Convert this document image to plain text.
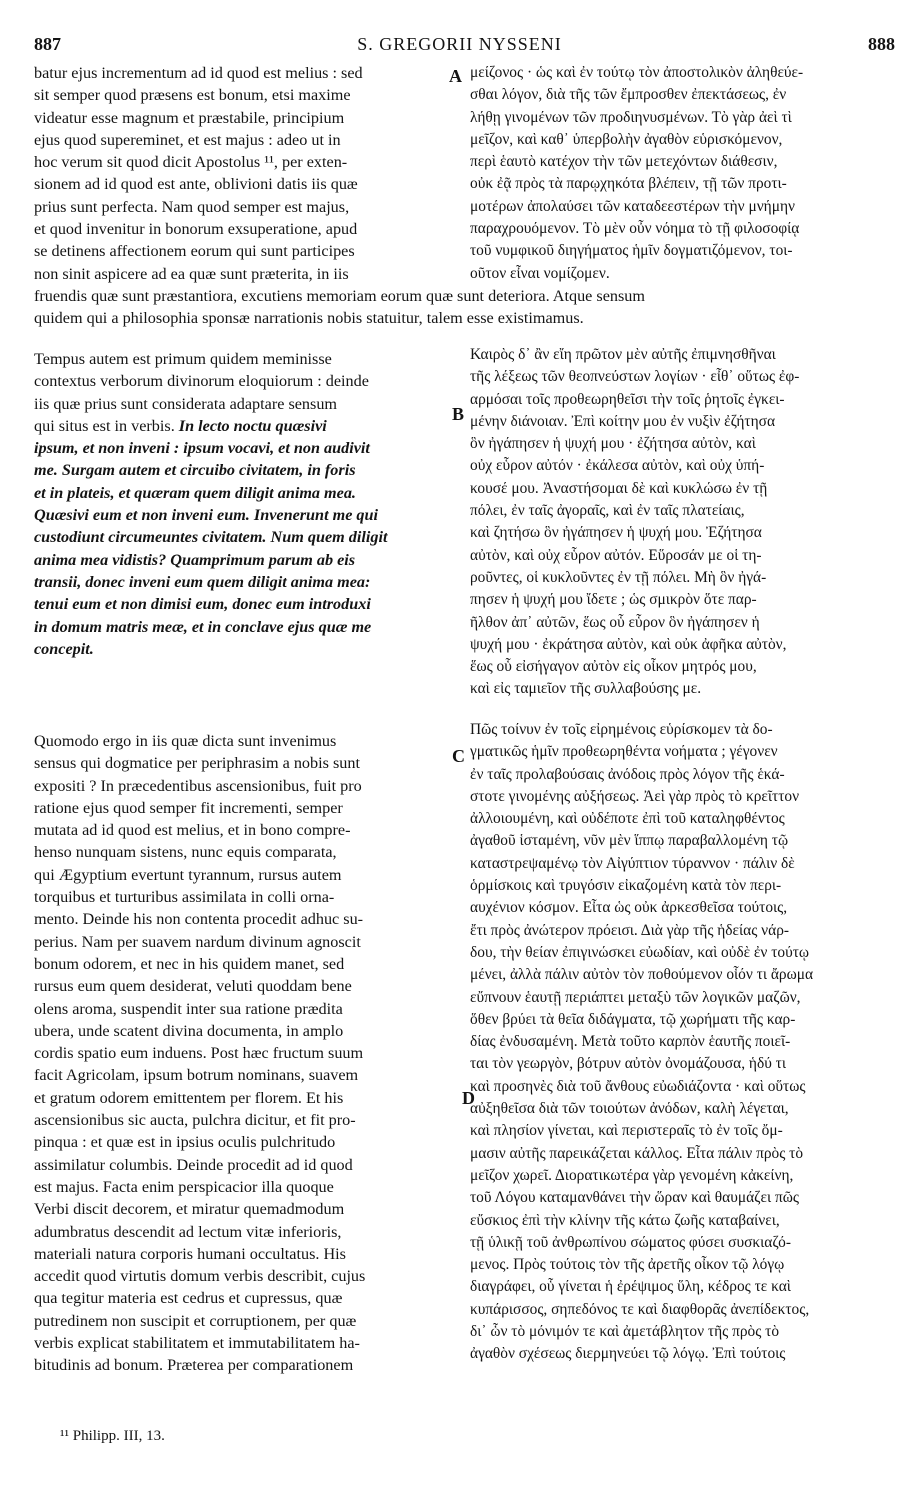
887	S. GREGORII NYSSENI	888
batur ejus incrementum ad id quod est melius : sed
sit semper quod præsens est bonum, etsi maxime
videatur esse magnum et præstabile, principium
ejus quod supereminet, et est majus : adeo ut in
hoc verum sit quod dicit Apostolus ¹¹, per exten-
sionem ad id quod est ante, oblivioni datis iis quæ
prius sunt perfecta. Nam quod semper est majus,
et quod invenitur in bonorum exsuperatione, apud
se detinens affectionem eorum qui sunt participes
non sinit aspicere ad ea quæ sunt præterita, in iis
μείζονος · ὡς καὶ ἐν τούτῳ τὸν ἀποστολικὸν ἀληθεύε-
σθαι λόγον, διὰ τῆς τῶν ἔμπροσθεν ἐπεκτάσεως, ἐν
λήθῃ γινομένων τῶν προδιηνυσμένων. Τὸ γὰρ ἀεὶ τὶ
μεῖζον, καὶ καθ᾽ ὑπερβολὴν ἀγαθὸν εὑρισκόμενον,
περὶ ἑαυτὸ κατέχον τὴν τῶν μετεχόντων διάθεσιν,
οὐκ ἐᾷ πρὸς τὰ παρῳχηκότα βλέπειν, τῇ τῶν προτι-
μοτέρων ἀπολαύσει τῶν καταδεεστέρων τὴν μνήμην
παραχρουόμενον. Τὸ μὲν οὖν νόημα τὸ τῇ φιλοσοφίᾳ
τοῦ νυμφικοῦ διηγήματος ἡμῖν δογματιζόμενον, τοι-
οῦτον εἶναι νομίζομεν.
A
fruendis quæ sunt præstantiora, excutiens memoriam eorum quæ sunt deteriora. Atque sensum
quidem qui a philosophia sponsæ narrationis nobis statuitur, talem esse existimamus.
Tempus autem est primum quidem meminisse
contextus verborum divinorum eloquiorum : deinde
iis quæ prius sunt considerata adaptare sensum
qui situs est in verbis. In lecto noctu quæsivi
ipsum, et non inveni : ipsum vocavi, et non audivit
me. Surgam autem et circuibo civitatem, in foris
et in plateis, et quæram quem diligit anima mea.
Quæsivi eum et non inveni eum. Invenerunt me qui
custodiunt circumeuntes civitatem. Num quem diligit
anima mea vidistis? Quamprimum parum ab eis
transii, donec inveni eum quem diligit anima mea:
tenui eum et non dimisi eum, donec eum introduxi
in domum matris meæ, et in conclave ejus quæ me
concepit.
Καιρὸς δ᾽ ἂν εἴη πρῶτον μὲν αὐτῆς ἐπιμνησθῆναι
τῆς λέξεως τῶν θεοπνεύστων λογίων · εἶθ᾽ οὕτως ἐφ-
αρμόσαι τοῖς προθεωρηθεῖσι τὴν τοῖς ῥητοῖς ἐγκει-
μένην διάνοιαν. Ἐπὶ κοίτην μου ἐν νυξὶν ἐζήτησα
ὃν ἠγάπησεν ἡ ψυχή μου · ἐζήτησα αὐτὸν, καὶ
οὐχ εὗρον αὐτόν · ἐκάλεσα αὐτὸν, καὶ οὐχ ὑπή-
κουσέ μου. Ἀναστήσομαι δὲ καὶ κυκλώσω ἐν τῇ
πόλει, ἐν ταῖς ἀγοραῖς, καὶ ἐν ταῖς πλατείαις,
καὶ ζητήσω ὃν ἠγάπησεν ἡ ψυχή μου. Ἐζήτησα
αὐτὸν, καὶ οὐχ εὗρον αὐτόν. Εὕροσάν με οἱ τη-
ροῦντες, οἱ κυκλοῦντες ἐν τῇ πόλει. Μὴ ὃν ἠγά-
πησεν ἡ ψυχή μου ἴδετε ; ὡς σμικρὸν ὅτε παρ-
ῆλθον ἀπ᾽ αὐτῶν, ἕως οὗ εὗρον ὃν ἠγάπησεν ἡ
ψυχή μου · ἐκράτησα αὐτὸν, καὶ οὐκ ἀφῆκα αὐτὸν,
ἕως οὗ εἰσήγαγον αὐτὸν εἰς οἶκον μητρός μου,
καὶ εἰς ταμιεῖον τῆς συλλαβούσης με.
B
Quomodo ergo in iis quæ dicta sunt invenimus
sensus qui dogmatice per periphrasim a nobis sunt
expositi ? In præcedentibus ascensionibus, fuit pro
ratione ejus quod semper fit incrementi, semper
mutata ad id quod est melius, et in bono compre-
henso nunquam sistens, nunc equis comparata,
qui Ægyptium evertunt tyrannum, rursus autem
torquibus et turturibus assimilata in colli orna-
mento. Deinde his non contenta procedit adhuc su-
perius. Nam per suavem nardum divinum agnoscit
bonum odorem, et nec in his quidem manet, sed
rursus eum quem desiderat, veluti quoddam bene
olens aroma, suspendit inter sua ratione prædita
ubera, unde scatent divina documenta, in amplo
cordis spatio eum induens. Post hæc fructum suum
facit Agricolam, ipsum botrum nominans, suavem
et gratum odorem emittentem per florem. Et his
ascensionibus sic aucta, pulchra dicitur, et fit pro-
pinqua : et quæ est in ipsius oculis pulchritudo
assimilatur columbis. Deinde procedit ad id quod
est majus. Facta enim perspicacior illa quoque
Verbi discit decorem, et miratur quemadmodum
adumbratus descendit ad lectum vitæ inferioris,
materiali natura corporis humani occultatus. His
accedit quod virtutis domum verbis describit, cujus
qua tegitur materia est cedrus et cupressus, quæ
putredinem non suscipit et corruptionem, per quæ
verbis explicat stabilitatem et immutabilitatem ha-
bitudinis ad bonum. Præterea per comparationem
Πῶς τοίνυν ἐν τοῖς εἰρημένοις εὑρίσκομεν τὰ δο-
γματικῶς ἡμῖν προθεωρηθέντα νοήματα ; γέγονεν
ἐν ταῖς προλαβούσαις ἀνόδοις πρὸς λόγον τῆς ἑκά-
στοτε γινομένης αὐξήσεως. Ἀεὶ γὰρ πρὸς τὸ κρεῖττον
ἀλλοιουμένη, καὶ οὐδέποτε ἐπὶ τοῦ καταληφθέντος
ἀγαθοῦ ἱσταμένη, νῦν μὲν ἵππῳ παραβαλλομένη τῷ
καταστρεψαμένῳ τὸν Αἰγύπτιον τύραννον · πάλιν δὲ
ὁρμίσκοις καὶ τρυγόσιν εἰκαζομένη κατὰ τὸν περι-
αυχένιον κόσμον. Εἶτα ὡς οὐκ ἀρκεσθεῖσα τούτοις,
ἔτι πρὸς ἀνώτερον πρόεισι. Διὰ γὰρ τῆς ἡδείας νάρ-
δου, τὴν θείαν ἐπιγινώσκει εὐωδίαν, καὶ οὐδὲ ἐν τούτῳ
μένει, ἀλλὰ πάλιν αὐτὸν τὸν ποθούμενον οἷόν τι ἄρωμα
εὔπνουν ἑαυτῇ περιάπτει μεταξὺ τῶν λογικῶν μαζῶν,
ὅθεν βρύει τὰ θεῖα διδάγματα, τῷ χωρήματι τῆς καρ-
δίας ἐνδυσαμένη. Μετὰ τοῦτο καρπὸν ἑαυτῆς ποιεῖ-
ται τὸν γεωργὸν, βότρυν αὐτὸν ὀνομάζουσα, ἡδύ τι
καὶ προσηνὲς διὰ τοῦ ἄνθους εὐωδιάζοντα · καὶ οὕτως
αὐξηθεῖσα διὰ τῶν τοιούτων ἀνόδων, καλὴ λέγεται,
καὶ πλησίον γίνεται, καὶ περιστεραῖς τὸ ἐν τοῖς ὄμ-
μασιν αὐτῆς παρεικάζεται κάλλος. Εἶτα πάλιν πρὸς τὸ
μεῖζον χωρεῖ. Διορατικωτέρα γὰρ γενομένη κἀκείνη,
τοῦ Λόγου καταμανθάνει τὴν ὥραν καὶ θαυμάζει πῶς
εὔσκιος ἐπὶ τὴν κλίνην τῆς κάτω ζωῆς καταβαίνει,
τῇ ὑλικῇ τοῦ ἀνθρωπίνου σώματος φύσει συσκιαζό-
μενος. Πρὸς τούτοις τὸν τῆς ἀρετῆς οἶκον τῷ λόγῳ
διαγράφει, οὗ γίνεται ἡ ἐρέψιμος ὕλη, κέδρος τε καὶ
κυπάρισσος, σηπεδόνος τε καὶ διαφθορᾶς ἀνεπίδεκτος,
δι᾽ ὧν τὸ μόνιμόν τε καὶ ἀμετάβλητον τῆς πρὸς τὸ
ἀγαθὸν σχέσεως διερμηνεύει τῷ λόγῳ. Ἐπὶ τούτοις
C
D
¹¹ Philipp. III, 13.
